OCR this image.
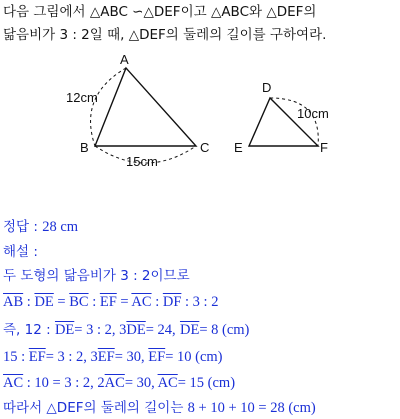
다음 그림에서 △ABC ∽△DEF이고 △ABC와 △DEF의
닮음비가 3 : 2일 때, △DEF의 둘레의 길이를 구하여라.
A
B	C
12cm
15cm
D
E	F
10cm
정답 : 28 cm
해설 :
두 도형의 닮음비가 3 : 2이므로
$\overline{AB}$ : $\overline{DE} = \overline{BC}$ : $\overline{EF} = \overline{AC}$ : $\overline{DF}$ : 3 : 2
즉, 12 : $\overline{DE}= 3$ : 2, $3\overline{DE}= 24$, $\overline{DE}= 8$ (cm)
15 : $\overline{EF}= 3$ : 2, $3\overline{EF}= 30$, $\overline{EF}= 10$ (cm)
$\overline{AC}$ : 10 = 3 : 2, $2\overline{AC}= 30$, $\overline{AC}= 15$ (cm)
따라서 △DEF의 둘레의 길이는 8 + 10 + 10 = 28 (cm)
